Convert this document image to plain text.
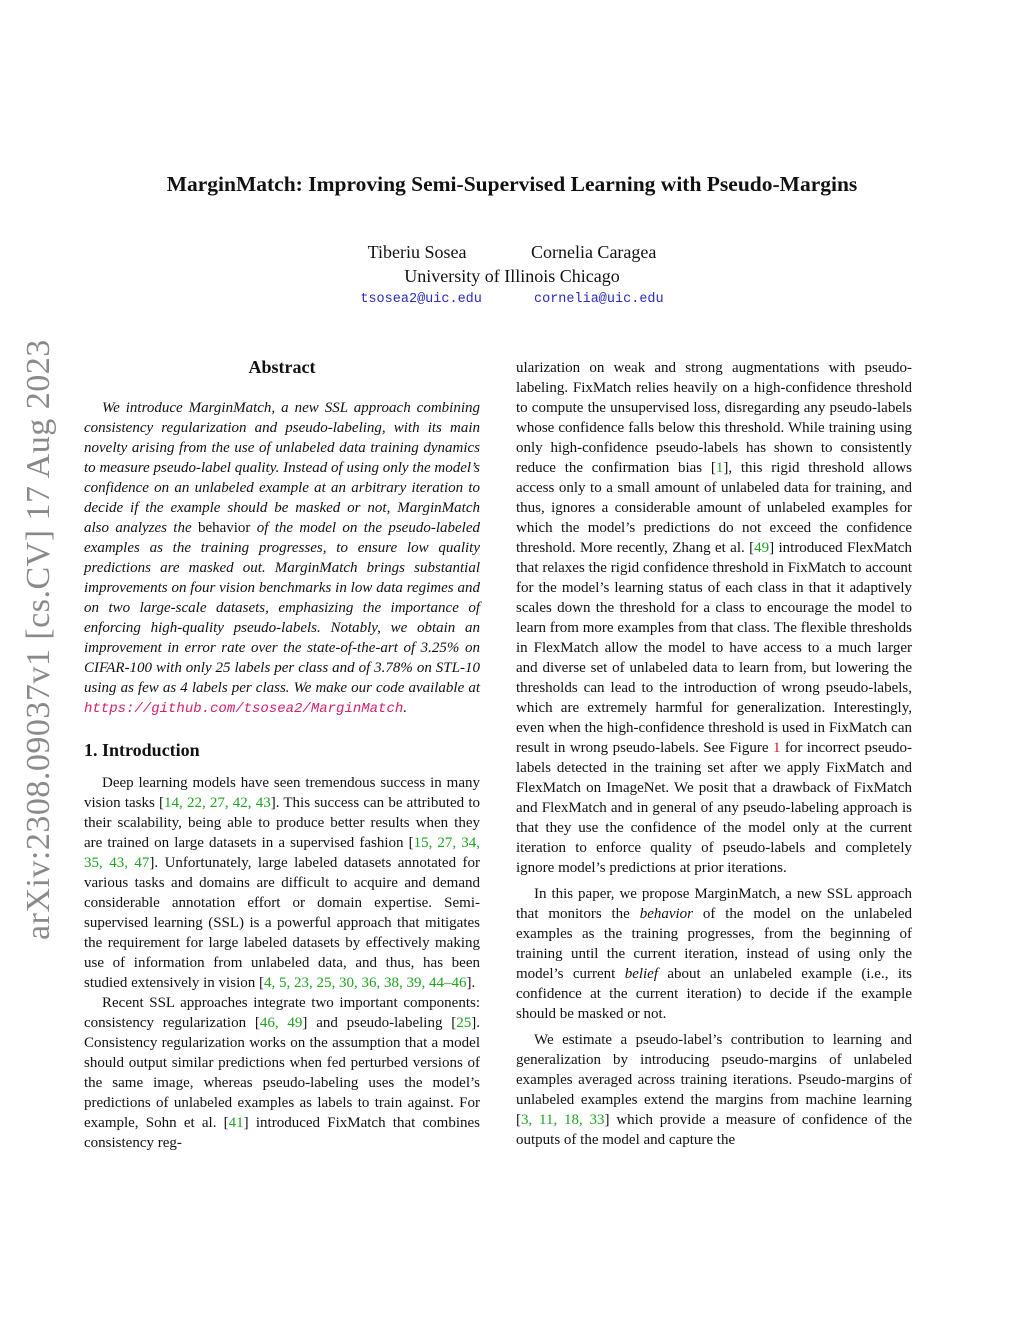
arXiv:2308.09037v1 [cs.CV] 17 Aug 2023
MarginMatch: Improving Semi-Supervised Learning with Pseudo-Margins
Tiberiu Sosea	Cornelia Caragea
University of Illinois Chicago
tsosea2@uic.edu	cornelia@uic.edu
Abstract

We introduce MarginMatch, a new SSL approach combining consistency regularization and pseudo-labeling, with its main novelty arising from the use of unlabeled data training dynamics to measure pseudo-label quality. Instead of using only the model’s confidence on an unlabeled example at an arbitrary iteration to decide if the example should be masked or not, MarginMatch also analyzes the behavior of the model on the pseudo-labeled examples as the training progresses, to ensure low quality predictions are masked out. MarginMatch brings substantial improvements on four vision benchmarks in low data regimes and on two large-scale datasets, emphasizing the importance of enforcing high-quality pseudo-labels. Notably, we obtain an improvement in error rate over the state-of-the-art of 3.25% on CIFAR-100 with only 25 labels per class and of 3.78% on STL-10 using as few as 4 labels per class. We make our code available at https://github.com/tsosea2/MarginMatch.

1. Introduction

Deep learning models have seen tremendous success in many vision tasks [14, 22, 27, 42, 43]. This success can be attributed to their scalability, being able to produce better results when they are trained on large datasets in a supervised fashion [15, 27, 34, 35, 43, 47]. Unfortunately, large labeled datasets annotated for various tasks and domains are difficult to acquire and demand considerable annotation effort or domain expertise. Semi-supervised learning (SSL) is a powerful approach that mitigates the requirement for large labeled datasets by effectively making use of information from unlabeled data, and thus, has been studied extensively in vision [4, 5, 23, 25, 30, 36, 38, 39, 44–46].

Recent SSL approaches integrate two important components: consistency regularization [46, 49] and pseudo-labeling [25]. Consistency regularization works on the assumption that a model should output similar predictions when fed perturbed versions of the same image, whereas pseudo-labeling uses the model’s predictions of unlabeled examples as labels to train against. For example, Sohn et al. [41] introduced FixMatch that combines consistency reg-

ularization on weak and strong augmentations with pseudo-labeling. FixMatch relies heavily on a high-confidence threshold to compute the unsupervised loss, disregarding any pseudo-labels whose confidence falls below this threshold. While training using only high-confidence pseudo-labels has shown to consistently reduce the confirmation bias [1], this rigid threshold allows access only to a small amount of unlabeled data for training, and thus, ignores a considerable amount of unlabeled examples for which the model’s predictions do not exceed the confidence threshold. More recently, Zhang et al. [49] introduced FlexMatch that relaxes the rigid confidence threshold in FixMatch to account for the model’s learning status of each class in that it adaptively scales down the threshold for a class to encourage the model to learn from more examples from that class. The flexible thresholds in FlexMatch allow the model to have access to a much larger and diverse set of unlabeled data to learn from, but lowering the thresholds can lead to the introduction of wrong pseudo-labels, which are extremely harmful for generalization. Interestingly, even when the high-confidence threshold is used in FixMatch can result in wrong pseudo-labels. See Figure 1 for incorrect pseudo-labels detected in the training set after we apply FixMatch and FlexMatch on ImageNet. We posit that a drawback of FixMatch and FlexMatch and in general of any pseudo-labeling approach is that they use the confidence of the model only at the current iteration to enforce quality of pseudo-labels and completely ignore model’s predictions at prior iterations.

In this paper, we propose MarginMatch, a new SSL approach that monitors the behavior of the model on the unlabeled examples as the training progresses, from the beginning of training until the current iteration, instead of using only the model’s current belief about an unlabeled example (i.e., its confidence at the current iteration) to decide if the example should be masked or not.

We estimate a pseudo-label’s contribution to learning and generalization by introducing pseudo-margins of unlabeled examples averaged across training iterations. Pseudo-margins of unlabeled examples extend the margins from machine learning [3, 11, 18, 33] which provide a measure of confidence of the outputs of the model and capture the
